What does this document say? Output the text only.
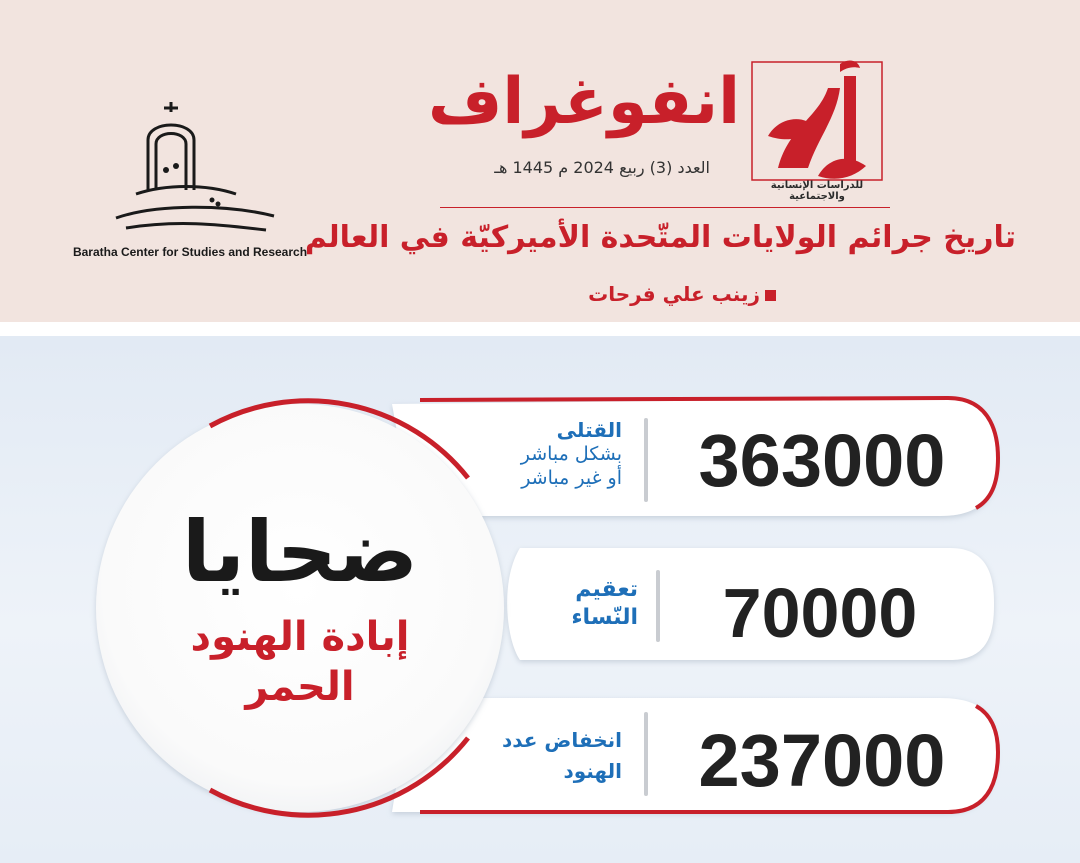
للدراسات الإنسانية والاجتماعية
انفوغراف
العدد (3) ربيع 2024 م 1445 هـ
تاريخ جرائم الولايات المتّحدة الأميركيّة في العالم
زينب علي فرحات
Baratha Center for Studies and Research
ضحايا
إبادة الهنود
الحمر
363000
القتلى
بشكل مباشر
أو غير مباشر
70000
تعقيم
النّساء
237000
انخفاض عدد
الهنود
